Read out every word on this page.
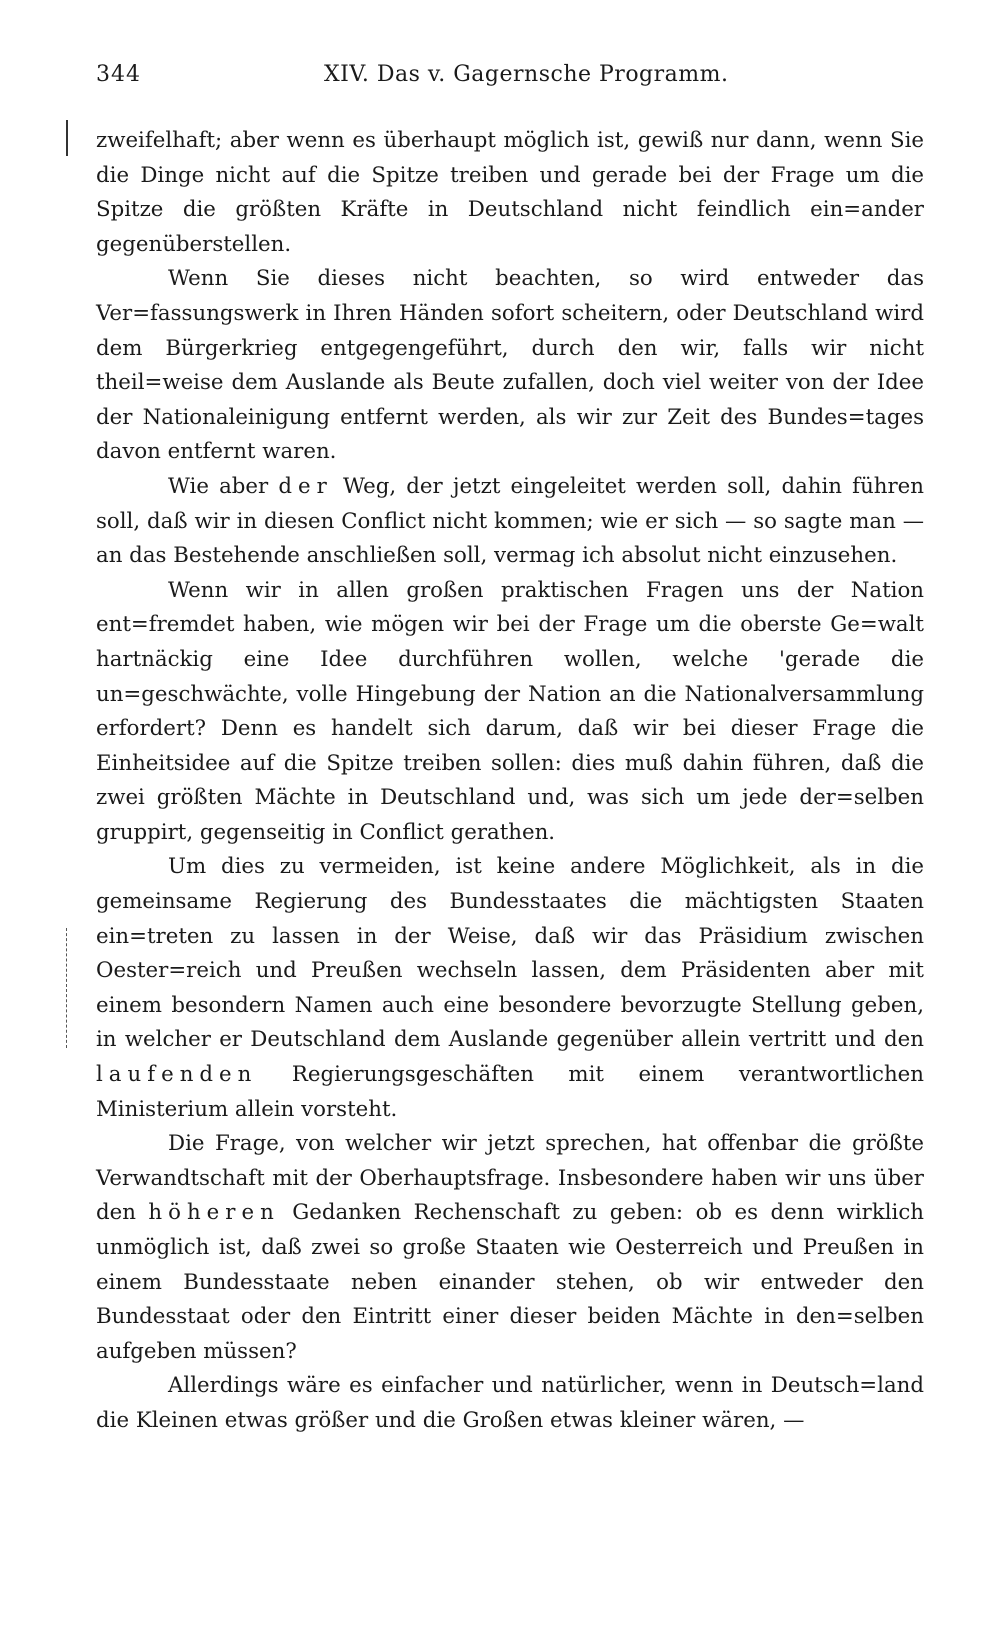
344	XIV. Das v. Gagernsche Programm.

zweifelhaft; aber wenn es überhaupt möglich ist, gewiß nur dann, wenn Sie die Dinge nicht auf die Spitze treiben und gerade bei der Frage um die Spitze die größten Kräfte in Deutschland nicht feindlich ein=ander gegenüberstellen.

Wenn Sie dieses nicht beachten, so wird entweder das Ver=fassungswerk in Ihren Händen sofort scheitern, oder Deutschland wird dem Bürgerkrieg entgegengeführt, durch den wir, falls wir nicht theil=weise dem Auslande als Beute zufallen, doch viel weiter von der Idee der Nationaleinigung entfernt werden, als wir zur Zeit des Bundes=tages davon entfernt waren.

Wie aber der Weg, der jetzt eingeleitet werden soll, dahin führen soll, daß wir in diesen Conflict nicht kommen; wie er sich — so sagte man — an das Bestehende anschließen soll, vermag ich absolut nicht einzusehen.

Wenn wir in allen großen praktischen Fragen uns der Nation ent=fremdet haben, wie mögen wir bei der Frage um die oberste Ge=walt hartnäckig eine Idee durchführen wollen, welche 'gerade die un=geschwächte, volle Hingebung der Nation an die Nationalversammlung erfordert? Denn es handelt sich darum, daß wir bei dieser Frage die Einheitsidee auf die Spitze treiben sollen: dies muß dahin führen, daß die zwei größten Mächte in Deutschland und, was sich um jede der=selben gruppirt, gegenseitig in Conflict gerathen.

Um dies zu vermeiden, ist keine andere Möglichkeit, als in die gemeinsame Regierung des Bundesstaates die mächtigsten Staaten ein=treten zu lassen in der Weise, daß wir das Präsidium zwischen Oester=reich und Preußen wechseln lassen, dem Präsidenten aber mit einem besondern Namen auch eine besondere bevorzugte Stellung geben, in welcher er Deutschland dem Auslande gegenüber allein vertritt und den laufenden Regierungsgeschäften mit einem verantwortlichen Ministerium allein vorsteht.

Die Frage, von welcher wir jetzt sprechen, hat offenbar die größte Verwandtschaft mit der Oberhauptsfrage. Insbesondere haben wir uns über den höheren Gedanken Rechenschaft zu geben: ob es denn wirklich unmöglich ist, daß zwei so große Staaten wie Oesterreich und Preußen in einem Bundesstaate neben einander stehen, ob wir entweder den Bundesstaat oder den Eintritt einer dieser beiden Mächte in den=selben aufgeben müssen?

Allerdings wäre es einfacher und natürlicher, wenn in Deutsch=land die Kleinen etwas größer und die Großen etwas kleiner wären, —
